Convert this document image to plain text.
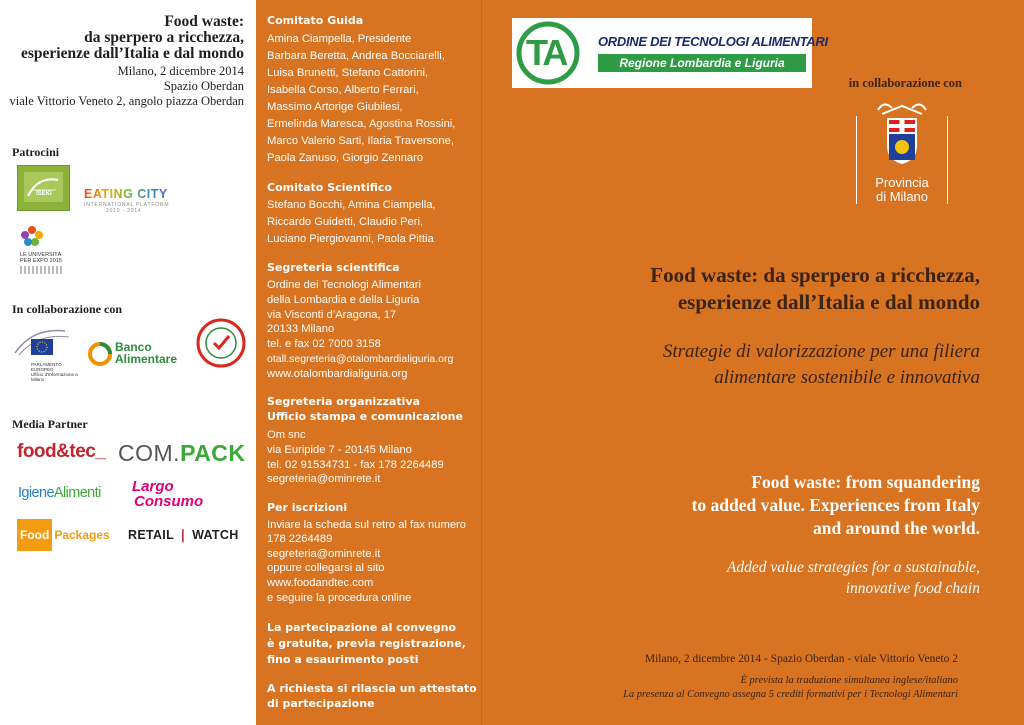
Food waste:
da sperpero a ricchezza,
esperienze dall’Italia e dal mondo
Milano, 2 dicembre 2014
Spazio Oberdan
viale Vittorio Veneto 2, angolo piazza Oberdan
Patrocini
ISEKI	EATING CITY
INTERNATIONAL PLATFORM
2010 - 2014
LE UNIVERSITÀ
PER EXPO 2015
In collaborazione con
PARLAMENTO EUROPEO
Ufficio d'Informazione a Milano
Banco
Alimentare
Media Partner
food&tec_ COM.PACK
IgieneAlimenti Largo
Consumo
Food Packages RETAIL ❘ WATCH
Comitato Guida
Amina Ciampella, Presidente
Barbara Beretta, Andrea Bocciarelli,
Luisa Brunetti, Stefano Cattorini,
Isabella Corso, Alberto Ferrari,
Massimo Artorige Giubilesi,
Ermelinda Maresca, Agostina Rossini,
Marco Valerio Sarti, Ilaria Traversone,
Paola Zanuso, Giorgio Zennaro
Comitato Scientifico
Stefano Bocchi, Amina Ciampella,
Riccardo Guidetti, Claudio Peri,
Luciano Piergiovanni, Paola Pittia
Segreteria scientifica
Ordine dei Tecnologi Alimentari
della Lombardia e della Liguria
via Visconti d’Aragona, 17
20133 Milano
tel. e fax 02 7000 3158
otall.segreteria@otalombardialiguria.org
www.otalombardialiguria.org
Segreteria organizzativa
Ufficio stampa e comunicazione
Om snc
via Euripide 7 - 20145 Milano
tel. 02 91534731 - fax 178 2264489
segreteria@ominrete.it
Per iscrizioni
Inviare la scheda sul retro al fax numero
178 2264489
segreteria@ominrete.it
oppure collegarsi al sito
www.foodandtec.com
e seguire la procedura online
La partecipazione al convegno
è gratuita, previa registrazione,
fino a esaurimento posti
A richiesta si rilascia un attestato
di partecipazione
TA	ORDINE DEI TECNOLOGI ALIMENTARI
Regione Lombardia e Liguria
in collaborazione con
Provincia
di Milano
Food waste: da sperpero a ricchezza,
esperienze dall’Italia e dal mondo
Strategie di valorizzazione per una filiera
alimentare sostenibile e innovativa
Food waste: from squandering
to added value. Experiences from Italy
and around the world.
Added value strategies for a sustainable,
innovative food chain
Milano, 2 dicembre 2014 - Spazio Oberdan - viale Vittorio Veneto 2
È prevista la traduzione simultanea inglese/italiano
La presenza al Convegno assegna 5 crediti formativi per i Tecnologi Alimentari
